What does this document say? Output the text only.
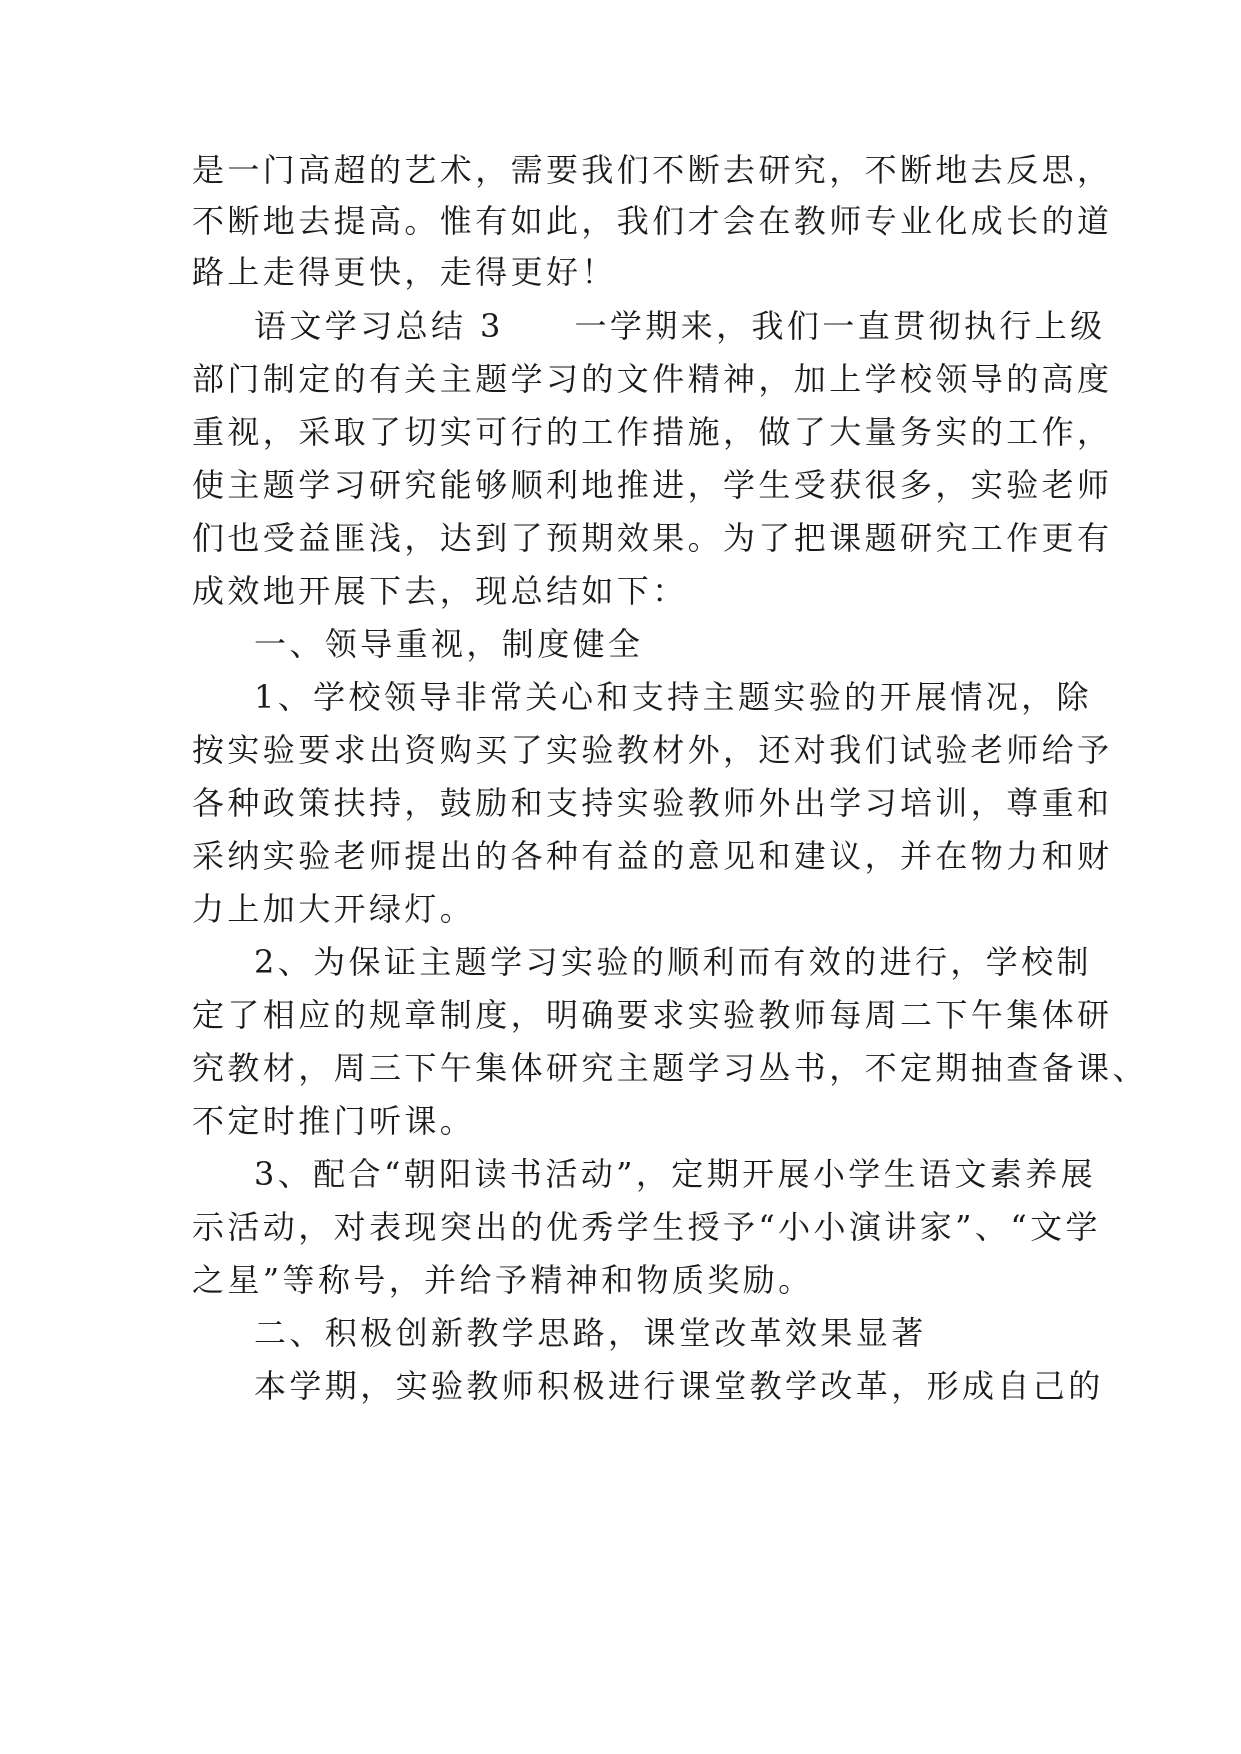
是一门高超的艺术，需要我们不断去研究，不断地去反思，
不断地去提高。惟有如此，我们才会在教师专业化成长的道
路上走得更快，走得更好！
语文学习总结 3　　一学期来，我们一直贯彻执行上级
部门制定的有关主题学习的文件精神，加上学校领导的高度
重视，采取了切实可行的工作措施，做了大量务实的工作，
使主题学习研究能够顺利地推进，学生受获很多，实验老师
们也受益匪浅，达到了预期效果。为了把课题研究工作更有
成效地开展下去，现总结如下：
一、领导重视，制度健全
1、学校领导非常关心和支持主题实验的开展情况，除
按实验要求出资购买了实验教材外，还对我们试验老师给予
各种政策扶持，鼓励和支持实验教师外出学习培训，尊重和
采纳实验老师提出的各种有益的意见和建议，并在物力和财
力上加大开绿灯。
2、为保证主题学习实验的顺利而有效的进行，学校制
定了相应的规章制度，明确要求实验教师每周二下午集体研
究教材，周三下午集体研究主题学习丛书，不定期抽查备课、
不定时推门听课。
3、配合“朝阳读书活动”，定期开展小学生语文素养展
示活动，对表现突出的优秀学生授予“小小演讲家”、“文学
之星”等称号，并给予精神和物质奖励。
二、积极创新教学思路，课堂改革效果显著
本学期，实验教师积极进行课堂教学改革，形成自己的
